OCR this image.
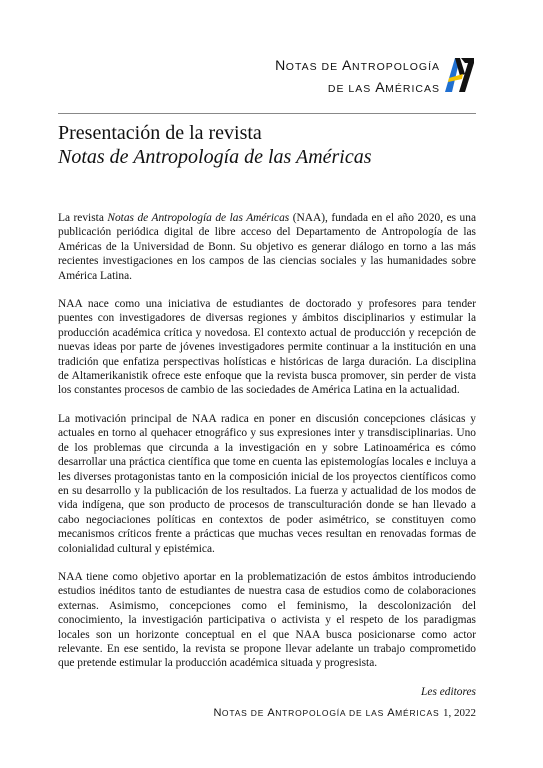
NOTAS DE ANTROPOLOGÍA
DE LAS AMÉRICAS
Presentación de la revista
Notas de Antropología de las Américas

La revista Notas de Antropología de las Américas (NAA), fundada en el año 2020, es una publicación periódica digital de libre acceso del Departamento de Antropología de las Américas de la Universidad de Bonn. Su objetivo es generar diálogo en torno a las más recientes investigaciones en los campos de las ciencias sociales y las humanidades sobre América Latina.

NAA nace como una iniciativa de estudiantes de doctorado y profesores para tender puentes con investigadores de diversas regiones y ámbitos disciplinarios y estimular la producción académica crítica y novedosa. El contexto actual de producción y recepción de nuevas ideas por parte de jóvenes investigadores permite continuar a la institución en una tradición que enfatiza perspectivas holísticas e históricas de larga duración. La disciplina de Altamerikanistik ofrece este enfoque que la revista busca promover, sin perder de vista los constantes procesos de cambio de las sociedades de América Latina en la actualidad.

La motivación principal de NAA radica en poner en discusión concepciones clásicas y actuales en torno al quehacer etnográfico y sus expresiones inter y transdisciplinarias. Uno de los problemas que circunda a la investigación en y sobre Latinoamérica es cómo desarrollar una práctica científica que tome en cuenta las epistemologías locales e incluya a les diverses protagonistas tanto en la composición inicial de los proyectos científicos como en su desarrollo y la publicación de los resultados. La fuerza y actualidad de los modos de vida indígena, que son producto de procesos de transculturación donde se han llevado a cabo negociaciones políticas en contextos de poder asimétrico, se constituyen como mecanismos críticos frente a prácticas que muchas veces resultan en renovadas formas de colonialidad cultural y epistémica.

NAA tiene como objetivo aportar en la problematización de estos ámbitos introduciendo estudios inéditos tanto de estudiantes de nuestra casa de estudios como de colaboraciones externas. Asimismo, concepciones como el feminismo, la descolonización del conocimiento, la investigación participativa o activista y el respeto de los paradigmas locales son un horizonte conceptual en el que NAA busca posicionarse como actor relevante. En ese sentido, la revista se propone llevar adelante un trabajo comprometido que pretende estimular la producción académica situada y progresista.

Les editores

NOTAS DE ANTROPOLOGÍA DE LAS AMÉRICAS 1, 2022
